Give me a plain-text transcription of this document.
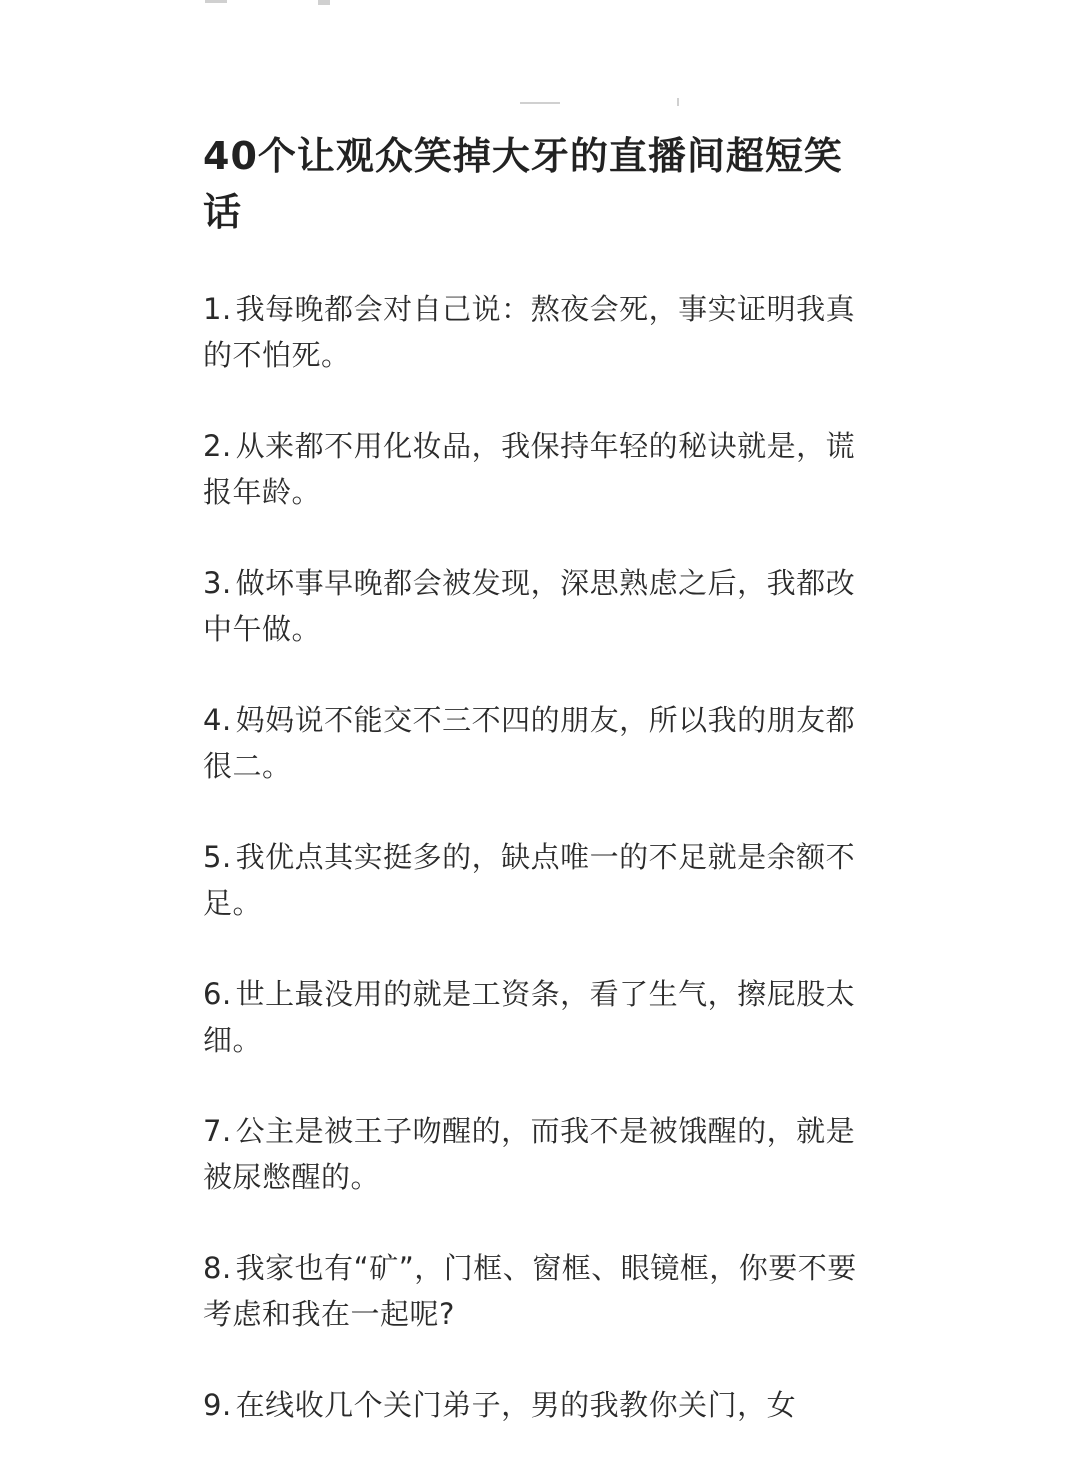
40个让观众笑掉大牙的直播间超短笑话
1. 我每晚都会对自己说：熬夜会死，事实证明我真的不怕死。
2. 从来都不用化妆品，我保持年轻的秘诀就是，谎报年龄。
3. 做坏事早晚都会被发现，深思熟虑之后，我都改中午做。
4. 妈妈说不能交不三不四的朋友，所以我的朋友都很二。
5. 我优点其实挺多的，缺点唯一的不足就是余额不足。
6. 世上最没用的就是工资条，看了生气，擦屁股太细。
7. 公主是被王子吻醒的，而我不是被饿醒的，就是被尿憋醒的。
8. 我家也有“矿”，门框、窗框、眼镜框，你要不要考虑和我在一起呢?
9. 在线收几个关门弟子，男的我教你关门，女
